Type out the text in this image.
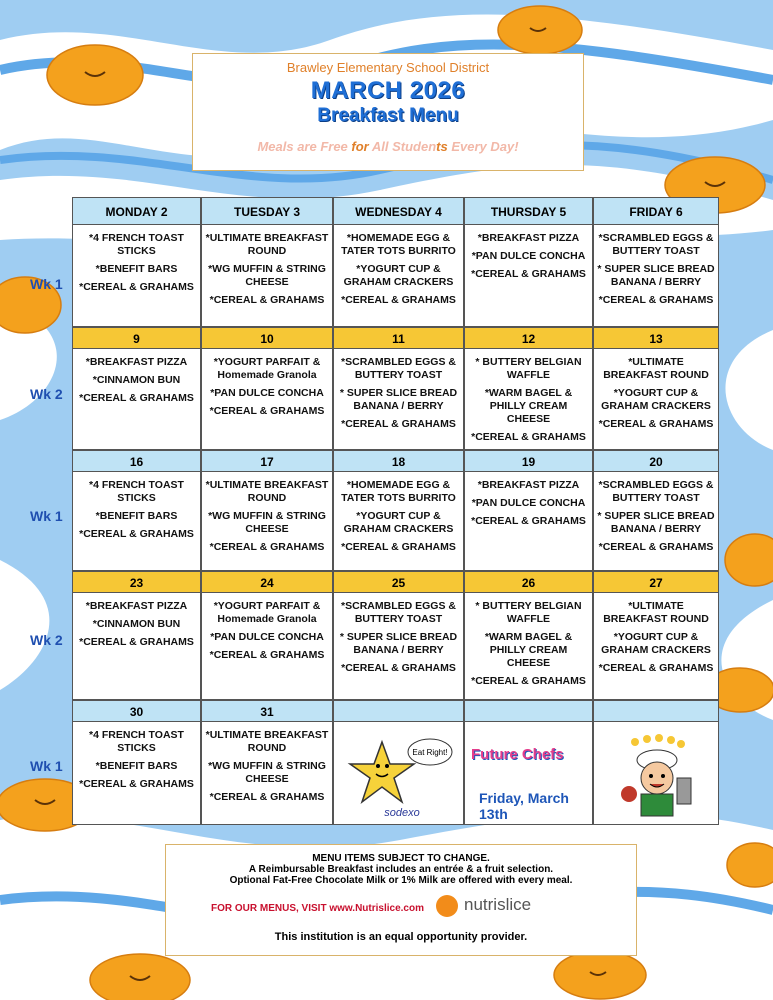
Brawley Elementary School District
MARCH 2026
Breakfast Menu
Meals are Free for All Students Every Day!
Wk 1
Wk 2
Wk 1
Wk 2
Wk 1
MONDAY 2
*4 FRENCH TOAST STICKS
*BENEFIT BARS
*CEREAL & GRAHAMS
TUESDAY 3
*ULTIMATE BREAKFAST ROUND
*WG MUFFIN & STRING CHEESE
*CEREAL & GRAHAMS
WEDNESDAY 4
*HOMEMADE EGG & TATER TOTS BURRITO
*YOGURT CUP & GRAHAM CRACKERS
*CEREAL & GRAHAMS
THURSDAY 5
*BREAKFAST PIZZA
*PAN DULCE CONCHA
*CEREAL & GRAHAMS
FRIDAY 6
*SCRAMBLED EGGS & BUTTERY TOAST
* SUPER SLICE BREAD BANANA / BERRY
*CEREAL & GRAHAMS
9
*BREAKFAST PIZZA
*CINNAMON BUN
*CEREAL & GRAHAMS
10
*YOGURT PARFAIT & Homemade Granola
*PAN DULCE CONCHA
*CEREAL & GRAHAMS
11
*SCRAMBLED EGGS & BUTTERY TOAST
* SUPER SLICE BREAD BANANA / BERRY
*CEREAL & GRAHAMS
12
* BUTTERY BELGIAN WAFFLE
*WARM BAGEL & PHILLY CREAM CHEESE
*CEREAL & GRAHAMS
13
*ULTIMATE BREAKFAST ROUND
*YOGURT CUP & GRAHAM CRACKERS
*CEREAL & GRAHAMS
16
*4 FRENCH TOAST STICKS
*BENEFIT BARS
*CEREAL & GRAHAMS
17
*ULTIMATE BREAKFAST ROUND
*WG MUFFIN & STRING CHEESE
*CEREAL & GRAHAMS
18
*HOMEMADE EGG & TATER TOTS BURRITO
*YOGURT CUP & GRAHAM CRACKERS
*CEREAL & GRAHAMS
19
*BREAKFAST PIZZA
*PAN DULCE CONCHA
*CEREAL & GRAHAMS
20
*SCRAMBLED EGGS & BUTTERY TOAST
* SUPER SLICE BREAD BANANA / BERRY
*CEREAL & GRAHAMS
23
*BREAKFAST PIZZA
*CINNAMON BUN
*CEREAL & GRAHAMS
24
*YOGURT PARFAIT & Homemade Granola
*PAN DULCE CONCHA
*CEREAL & GRAHAMS
25
*SCRAMBLED EGGS & BUTTERY TOAST
* SUPER SLICE BREAD BANANA / BERRY
*CEREAL & GRAHAMS
26
* BUTTERY BELGIAN WAFFLE
*WARM BAGEL & PHILLY CREAM CHEESE
*CEREAL & GRAHAMS
27
*ULTIMATE BREAKFAST ROUND
*YOGURT CUP & GRAHAM CRACKERS
*CEREAL & GRAHAMS
30
*4 FRENCH TOAST STICKS
*BENEFIT BARS
*CEREAL & GRAHAMS
31
*ULTIMATE BREAKFAST ROUND
*WG MUFFIN & STRING CHEESE
*CEREAL & GRAHAMS
Eat Right!
sodexo
Future Chefs
Friday, March 13th
MENU ITEMS SUBJECT TO CHANGE.
A Reimbursable Breakfast includes an entrée & a fruit selection.
Optional Fat-Free Chocolate Milk or 1% Milk are offered with every meal.
FOR OUR MENUS, VISIT www.Nutrislice.com nutrislice
This institution is an equal opportunity provider.
